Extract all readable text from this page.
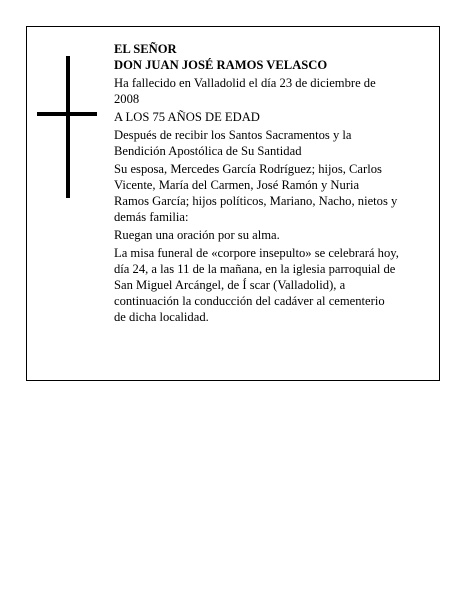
EL SEÑOR
DON JUAN JOSÉ RAMOS VELASCO
Ha fallecido en Valladolid el día 23 de diciembre de
2008
A LOS 75 AÑOS DE EDAD
Después de recibir los Santos Sacramentos y la
Bendición Apostólica de Su Santidad
Su esposa, Mercedes García Rodríguez; hijos, Carlos
Vicente, María del Carmen, José Ramón y Nuria
Ramos García; hijos políticos, Mariano, Nacho, nietos y
demás familia:
Ruegan una oración por su alma.
La misa funeral de «corpore insepulto» se celebrará hoy,
día 24, a las 11 de la mañana, en la iglesia parroquial de
San Miguel Arcángel, de Í scar (Valladolid), a
continuación la conducción del cadáver al cementerio
de dicha localidad.
